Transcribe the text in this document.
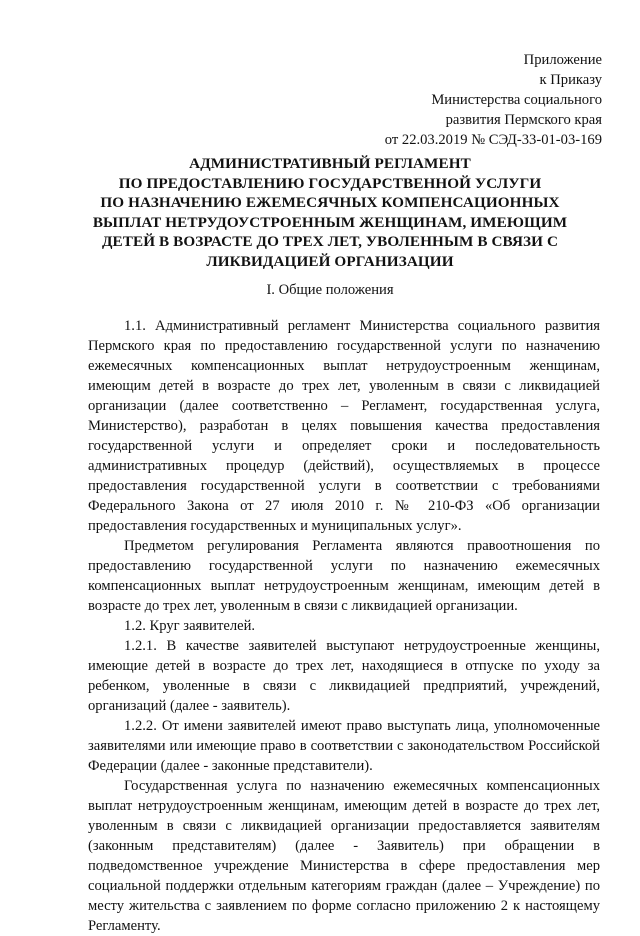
Приложение
к Приказу
Министерства социального
развития Пермского края
от 22.03.2019 № СЭД-33-01-03-169
АДМИНИСТРАТИВНЫЙ РЕГЛАМЕНТ
ПО ПРЕДОСТАВЛЕНИЮ ГОСУДАРСТВЕННОЙ УСЛУГИ
ПО НАЗНАЧЕНИЮ ЕЖЕМЕСЯЧНЫХ КОМПЕНСАЦИОННЫХ
ВЫПЛАТ НЕТРУДОУСТРОЕННЫМ ЖЕНЩИНАМ, ИМЕЮЩИМ
ДЕТЕЙ В ВОЗРАСТЕ ДО ТРЕХ ЛЕТ, УВОЛЕННЫМ В СВЯЗИ С
ЛИКВИДАЦИЕЙ ОРГАНИЗАЦИИ
I. Общие положения

1.1. Административный регламент Министерства социального развития Пермского края по предоставлению государственной услуги по назначению ежемесячных компенсационных выплат нетрудоустроенным женщинам, имеющим детей в возрасте до трех лет, уволенным в связи с ликвидацией организации (далее соответственно – Регламент, государственная услуга, Министерство), разработан в целях повышения качества предоставления государственной услуги и определяет сроки и последовательность административных процедур (действий), осуществляемых в процессе предоставления государственной услуги в соответствии с требованиями Федерального Закона от 27 июля 2010 г. № 210-ФЗ «Об организации предоставления государственных и муниципальных услуг».

Предметом регулирования Регламента являются правоотношения по предоставлению государственной услуги по назначению ежемесячных компенсационных выплат нетрудоустроенным женщинам, имеющим детей в возрасте до трех лет, уволенным в связи с ликвидацией организации.

1.2. Круг заявителей.

1.2.1. В качестве заявителей выступают нетрудоустроенные женщины, имеющие детей в возрасте до трех лет, находящиеся в отпуске по уходу за ребенком, уволенные в связи с ликвидацией предприятий, учреждений, организаций (далее - заявитель).

1.2.2. От имени заявителей имеют право выступать лица, уполномоченные заявителями или имеющие право в соответствии с законодательством Российской Федерации (далее - законные представители).

Государственная услуга по назначению ежемесячных компенсационных выплат нетрудоустроенным женщинам, имеющим детей в возрасте до трех лет, уволенным в связи с ликвидацией организации предоставляется заявителям (законным представителям) (далее - Заявитель) при обращении в подведомственное учреждение Министерства в сфере предоставления мер социальной поддержки отдельным категориям граждан (далее – Учреждение) по месту жительства с заявлением по форме согласно приложению 2 к настоящему Регламенту.
